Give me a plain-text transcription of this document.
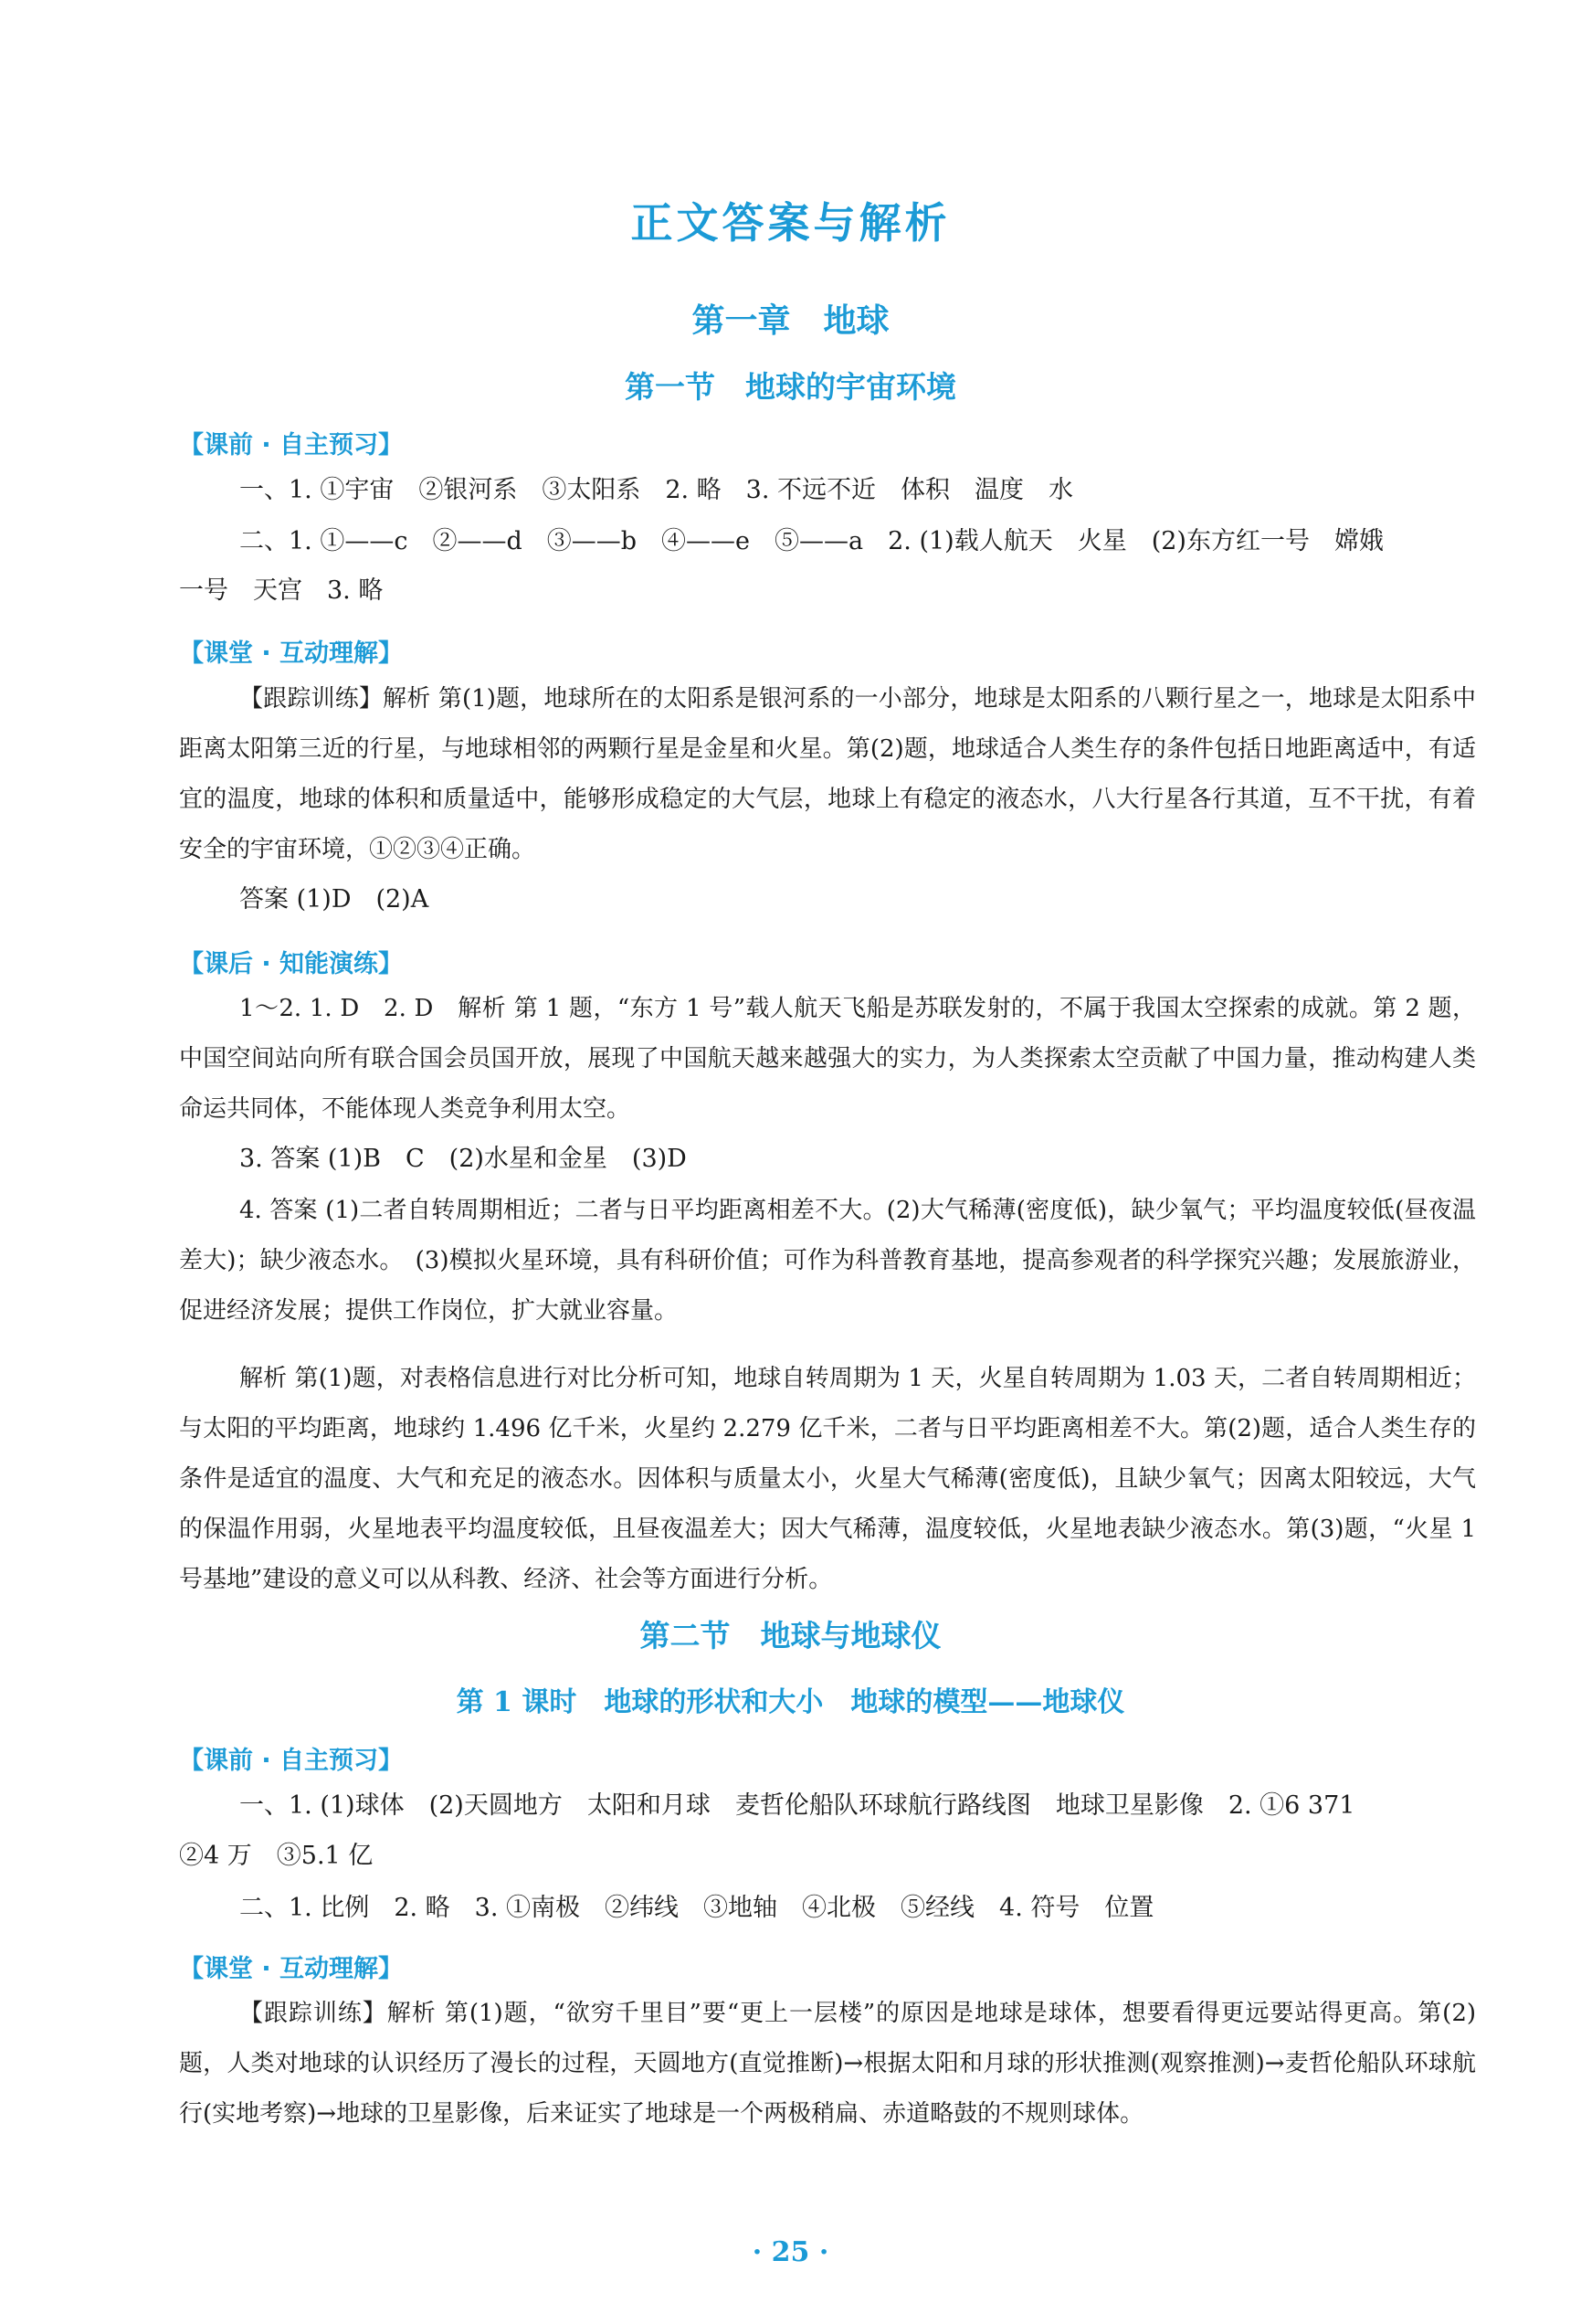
正文答案与解析
第一章　地球
第一节　地球的宇宙环境
【课前 · 自主预习】
一、1. ①宇宙　②银河系　③太阳系　2. 略　3. 不远不近　体积　温度　水
二、1. ①——c　②——d　③——b　④——e　⑤——a　2. (1)载人航天　火星　(2)东方红一号　嫦娥
一号　天宫　3. 略
【课堂 · 互动理解】
【跟踪训练】解析 第(1)题，地球所在的太阳系是银河系的一小部分，地球是太阳系的八颗行星之一，地球是太阳系中距离太阳第三近的行星，与地球相邻的两颗行星是金星和火星。第(2)题，地球适合人类生存的条件包括日地距离适中，有适宜的温度，地球的体积和质量适中，能够形成稳定的大气层，地球上有稳定的液态水，八大行星各行其道，互不干扰，有着安全的宇宙环境，①②③④正确。
答案 (1)D　(2)A
【课后 · 知能演练】
1～2. 1. D　2. D　解析 第 1 题，“东方 1 号”载人航天飞船是苏联发射的，不属于我国太空探索的成就。第 2 题，中国空间站向所有联合国会员国开放，展现了中国航天越来越强大的实力，为人类探索太空贡献了中国力量，推动构建人类命运共同体，不能体现人类竞争利用太空。
3. 答案 (1)B　C　(2)水星和金星　(3)D
4. 答案 (1)二者自转周期相近；二者与日平均距离相差不大。(2)大气稀薄(密度低)，缺少氧气；平均温度较低(昼夜温差大)；缺少液态水。　(3)模拟火星环境，具有科研价值；可作为科普教育基地，提高参观者的科学探究兴趣；发展旅游业，促进经济发展；提供工作岗位，扩大就业容量。
解析 第(1)题，对表格信息进行对比分析可知，地球自转周期为 1 天，火星自转周期为 1.03 天，二者自转周期相近；与太阳的平均距离，地球约 1.496 亿千米，火星约 2.279 亿千米，二者与日平均距离相差不大。第(2)题，适合人类生存的条件是适宜的温度、大气和充足的液态水。因体积与质量太小，火星大气稀薄(密度低)，且缺少氧气；因离太阳较远，大气的保温作用弱，火星地表平均温度较低，且昼夜温差大；因大气稀薄，温度较低，火星地表缺少液态水。第(3)题，“火星 1 号基地”建设的意义可以从科教、经济、社会等方面进行分析。
第二节　地球与地球仪
第 1 课时　地球的形状和大小　地球的模型——地球仪
【课前 · 自主预习】
一、1. (1)球体　(2)天圆地方　太阳和月球　麦哲伦船队环球航行路线图　地球卫星影像　2. ①6 371
②4 万　③5.1 亿
二、1. 比例　2. 略　3. ①南极　②纬线　③地轴　④北极　⑤经线　4. 符号　位置
【课堂 · 互动理解】
【跟踪训练】解析 第(1)题，“欲穷千里目”要“更上一层楼”的原因是地球是球体，想要看得更远要站得更高。第(2)题，人类对地球的认识经历了漫长的过程，天圆地方(直觉推断)→根据太阳和月球的形状推测(观察推测)→麦哲伦船队环球航行(实地考察)→地球的卫星影像，后来证实了地球是一个两极稍扁、赤道略鼓的不规则球体。
· 25 ·
